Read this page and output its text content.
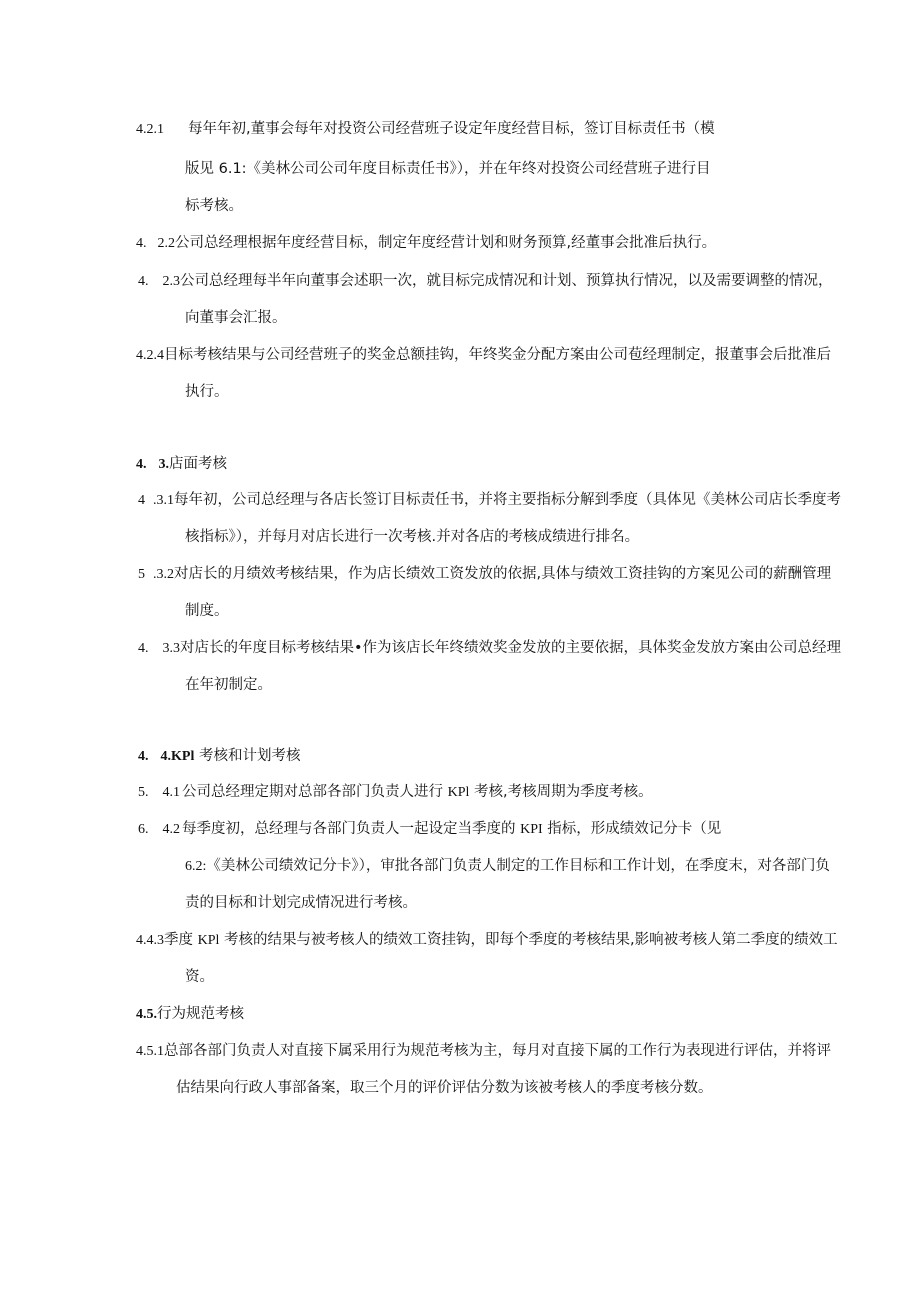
4.2.1 每年年初,董事会每年对投资公司经营班子设定年度经营目标，签订目标责任书（模
版见 6.1:《美林公司公司年度目标责任书》），并在年终对投资公司经营班子进行目
标考核。
4. 2.2公司总经理根据年度经营目标，制定年度经营计划和财务预算,经董事会批准后执行。
4. 2.3公司总经理每半年向董事会述职一次，就目标完成情况和计划、预算执行情况，以及需要调整的情况，
向董事会汇报。
4.2.4目标考核结果与公司经营班子的奖金总额挂钩，年终奖金分配方案由公司苞经理制定，报董事会后批准后
执行。
4. 3.店面考核
4 .3.1每年初，公司总经理与各店长签订目标责任书，并将主要指标分解到季度（具体见《美林公司店长季度考
核指标》），并每月对店长进行一次考核.并对各店的考核成绩进行排名。
5 .3.2对店长的月绩效考核结果，作为店长绩效工资发放的依据,具体与绩效工资挂钩的方案见公司的薪酬管理
制度。
4. 3.3对店长的年度目标考核结果•作为该店长年终绩效奖金发放的主要依据，具体奖金发放方案由公司总经理
在年初制定。
4. 4.KPl 考核和计划考核
5. 4.1 公司总经理定期对总部各部门负责人进行 KPl 考核,考核周期为季度考核。
6. 4.2 每季度初，总经理与各部门负责人一起设定当季度的 KPI 指标，形成绩效记分卡（见
6.2:《美林公司绩效记分卡》），审批各部门负责人制定的工作目标和工作计划，在季度末，对各部门负
责的目标和计划完成情况进行考核。
4.4.3季度 KPl 考核的结果与被考核人的绩效工资挂钩，即每个季度的考核结果,影响被考核人第二季度的绩效工
资。
4.5.行为规范考核
4.5.1总部各部门负责人对直接下属采用行为规范考核为主，每月对直接下属的工作行为表现进行评估，并将评
估结果向行政人事部备案，取三个月的评价评估分数为该被考核人的季度考核分数。
